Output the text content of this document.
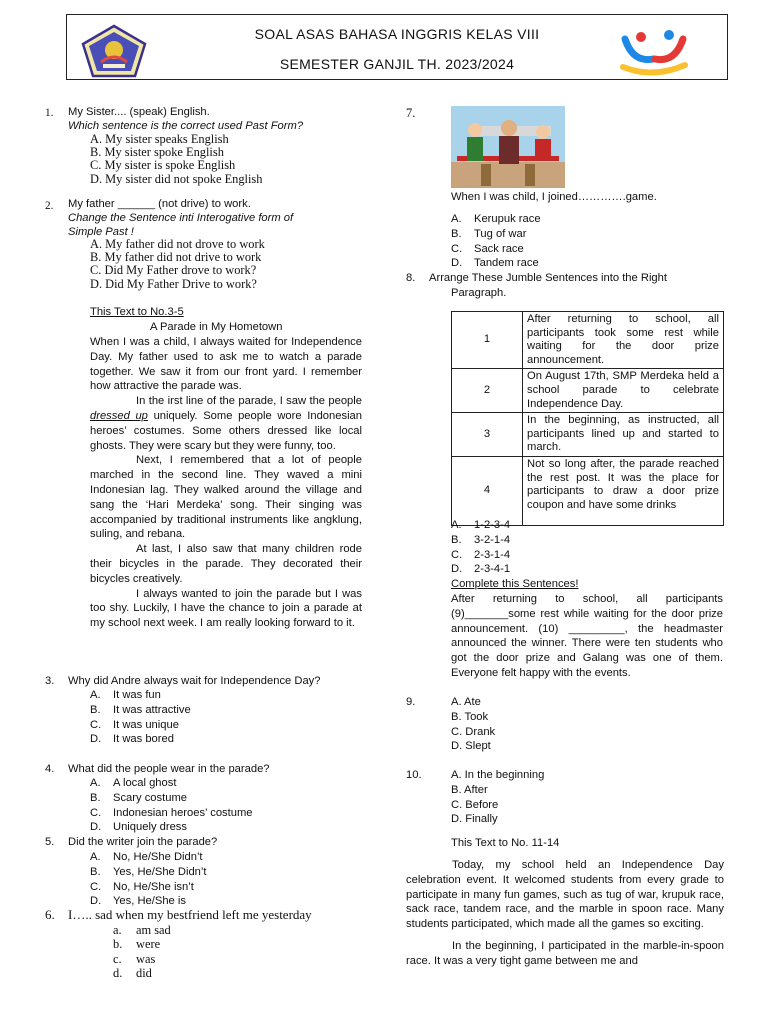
SOAL ASAS BAHASA INGGRIS KELAS VIII
SEMESTER GANJIL TH. 2023/2024
1. My Sister.... (speak) English.
Which sentence is the correct used Past Form?
A. My sister speaks English
B. My sister spoke English
C. My sister is spoke English
D. My sister did not spoke English
2. My father ______ (not drive) to work.
Change the Sentence inti Interogative form of
Simple Past !
A. My father did not drove to work
B. My father did not drive to work
C. Did My Father drove to work?
D. Did My Father Drive to work?
This Text to No.3-5
A Parade in My Hometown

When I was a child, I always waited for Independence Day. My father used to ask me to watch a parade together. We saw it from our front yard. I remember how attractive the parade was.

In the irst line of the parade, I saw the people dressed up uniquely. Some people wore Indonesian heroes’ costumes. Some others dressed like local ghosts. They were scary but they were funny, too.

Next, I remembered that a lot of people marched in the second line. They waved a mini Indonesian lag. They walked around the village and sang the ‘Hari Merdeka’ song. Their singing was accompanied by traditional instruments like angklung, suling, and rebana.

At last, I also saw that many children rode their bicycles in the parade. They decorated their bicycles creatively.

I always wanted to join the parade but I was too shy. Luckily, I have the chance to join a parade at my school next week. I am really looking forward to it.

3. Why did Andre always wait for Independence Day?
A.
B.
C.
D.
It was fun
It was attractive
It was unique
It was bored
4. What did the people wear in the parade?
A.
B.
C.
D.
A local ghost
Scary costume
Indonesian heroes’ costume
Uniquely dress
5. Did the writer join the parade?
A.
B.
C.
D.
No, He/She Didn’t
Yes, He/She Didn’t
No, He/She isn’t
Yes, He/She is
6. I….. sad when my bestfriend left me yesterday
a.
b.
c.
d.
am sad
were
was
did
7.
When I was child, I joined………….game.
A.
B.
C.
D.
Kerupuk race
Tug of war
Sack race
Tandem race
8. Arrange These Jumble Sentences into the Right
Paragraph.
1	After returning to school, all participants took some rest while waiting for the door prize announcement.
2	On August 17th, SMP Merdeka held a school parade to celebrate Independence Day.
3	In the beginning, as instructed, all participants lined up and started to march.
4	Not so long after, the parade reached the rest post. It was the place for participants to draw a door prize coupon and have some drinks
A.
B.
C.
D.
1-2-3-4
3-2-1-4
2-3-1-4
2-3-4-1
Complete this Sentences!
After returning to school, all participants (9)_______some rest while waiting for the door prize announcement. (10) _________, the headmaster announced the winner. There were ten students who got the door prize and Galang was one of them. Everyone felt happy with the events.
9.	A. Ate
B. Took
C. Drank
D. Slept
10.	A. In the beginning
B. After
C. Before
D. Finally
This Text to No. 11-14

Today, my school held an Independence Day celebration event. It welcomed students from every grade to participate in many fun games, such as tug of war, krupuk race, sack race, tandem race, and the marble in spoon race. Many students participated, which made all the games so exciting.

In the beginning, I participated in the marble-in-spoon race. It was a very tight game between me and
